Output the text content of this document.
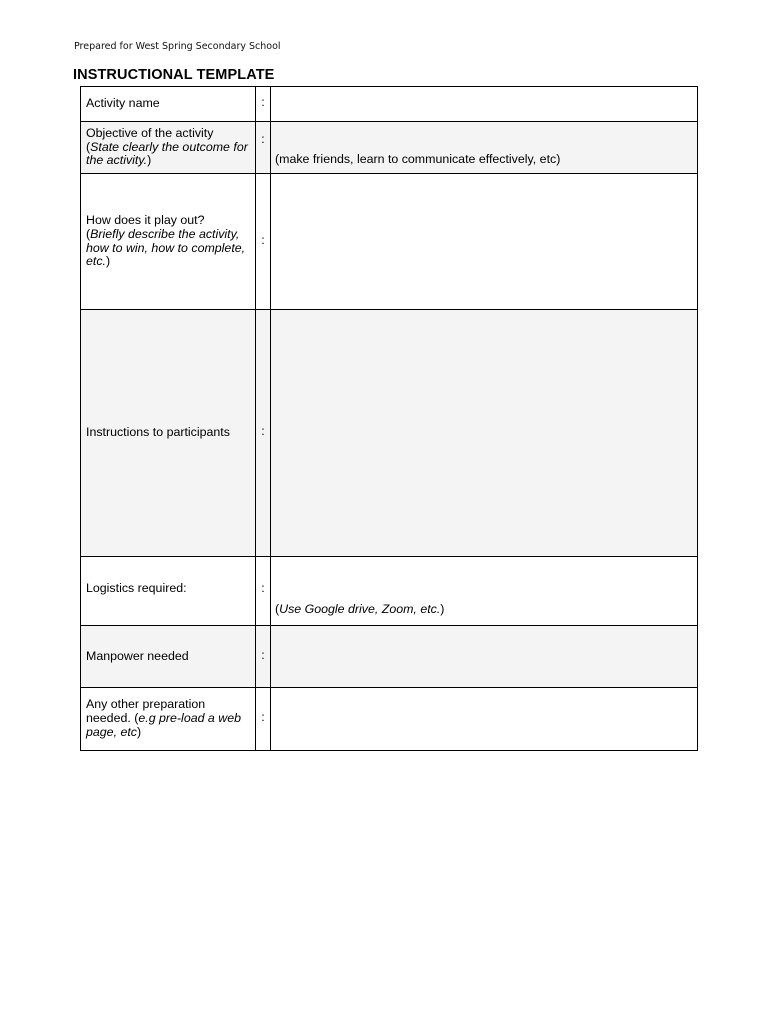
Prepared for West Spring Secondary School
INSTRUCTIONAL TEMPLATE
Activity name	:	
Objective of the activity
(State clearly the outcome for the activity.)	:	(make friends, learn to communicate effectively, etc)

How does it play out?
(Briefly describe the activity, how to win, how to complete, etc.)	:	
Instructions to participants	:	
Logistics required:	:	(Use Google drive, Zoom, etc.)

Manpower needed	:	
Any other preparation needed. (e.g pre-load a web page, etc)	:	
